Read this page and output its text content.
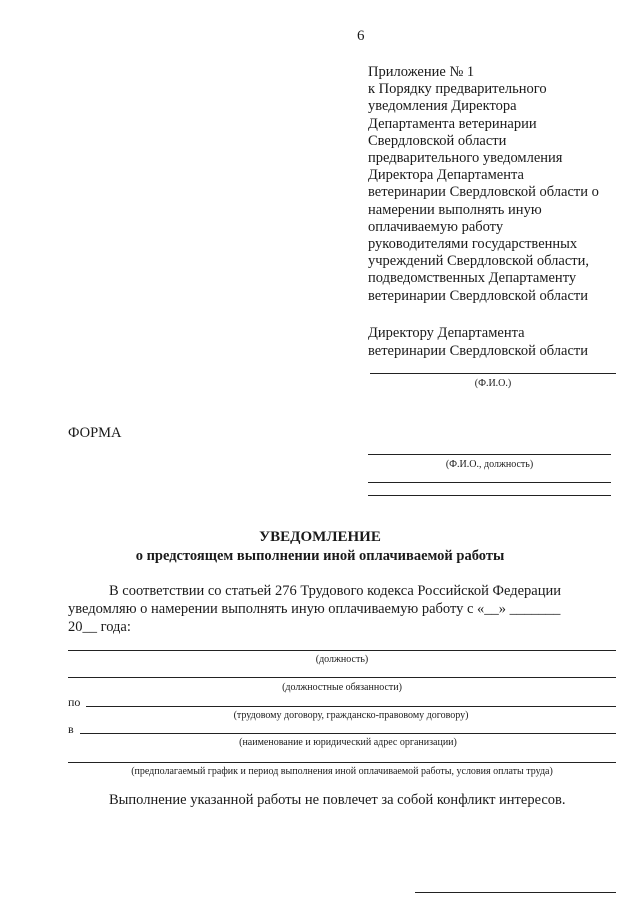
6
Приложение № 1
к Порядку предварительного
уведомления Директора
Департамента ветеринарии
Свердловской области
предварительного уведомления
Директора Департамента
ветеринарии Свердловской области о
намерении выполнять иную
оплачиваемую работу
руководителями государственных
учреждений Свердловской области,
подведомственных Департаменту
ветеринарии Свердловской области
Директору Департамента
ветеринарии Свердловской области
(Ф.И.О.)
ФОРМА
(Ф.И.О., должность)
УВЕДОМЛЕНИЕ
о предстоящем выполнении иной оплачиваемой работы
В соответствии со статьей 276 Трудового кодекса Российской Федерации
уведомляю о намерении выполнять иную оплачиваемую работу с «__» _______
20__ года:
(должность)
(должностные обязанности)
по
(трудовому договору, гражданско-правовому договору)
в
(наименование и юридический адрес организации)
(предполагаемый график и период выполнения иной оплачиваемой работы, условия оплаты труда)
Выполнение указанной работы не повлечет за собой конфликт интересов.
